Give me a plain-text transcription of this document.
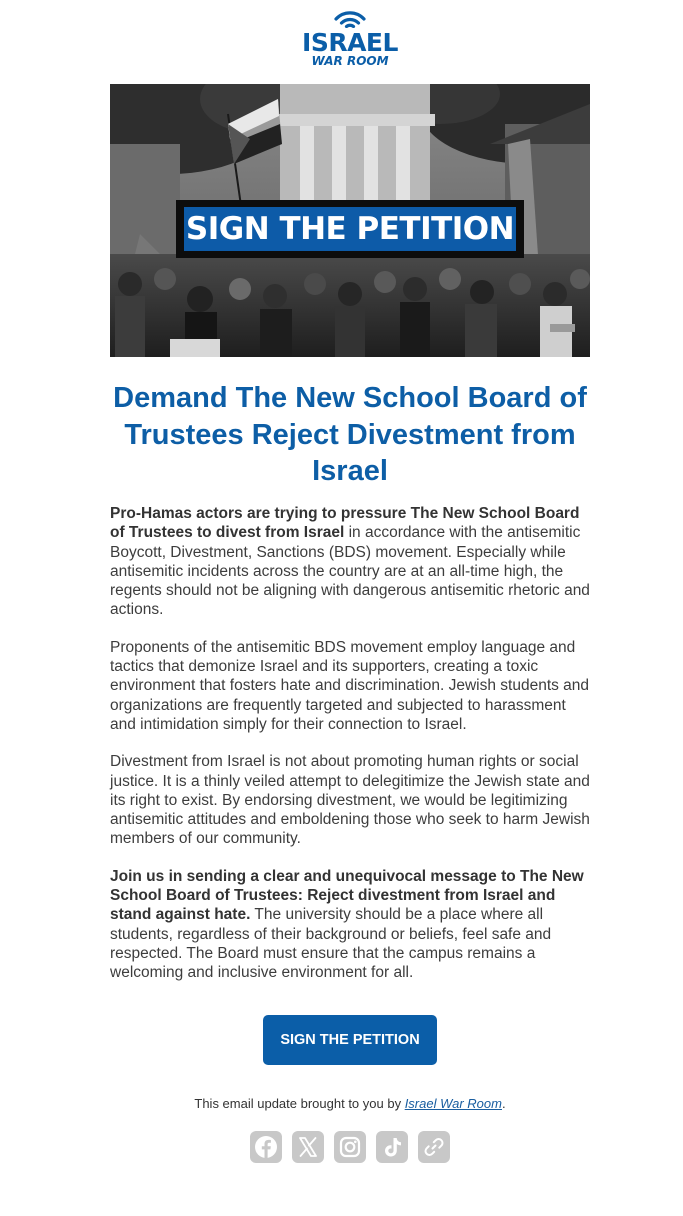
ISRAEL
WAR ROOM
SIGN THE PETITION
Demand The New School Board of Trustees Reject Divestment from Israel

Pro-Hamas actors are trying to pressure The New School Board of Trustees to divest from Israel in accordance with the antisemitic Boycott, Divestment, Sanctions (BDS) movement. Especially while antisemitic incidents across the country are at an all-time high, the regents should not be aligning with dangerous antisemitic rhetoric and actions.

Proponents of the antisemitic BDS movement employ language and tactics that demonize Israel and its supporters, creating a toxic environment that fosters hate and discrimination. Jewish students and organizations are frequently targeted and subjected to harassment and intimidation simply for their connection to Israel.

Divestment from Israel is not about promoting human rights or social justice. It is a thinly veiled attempt to delegitimize the Jewish state and its right to exist. By endorsing divestment, we would be legitimizing antisemitic attitudes and emboldening those who seek to harm Jewish members of our community.

Join us in sending a clear and unequivocal message to The New School Board of Trustees: Reject divestment from Israel and stand against hate. The university should be a place where all students, regardless of their background or beliefs, feel safe and respected. The Board must ensure that the campus remains a welcoming and inclusive environment for all.

SIGN THE PETITION
This email update brought to you by Israel War Room.
